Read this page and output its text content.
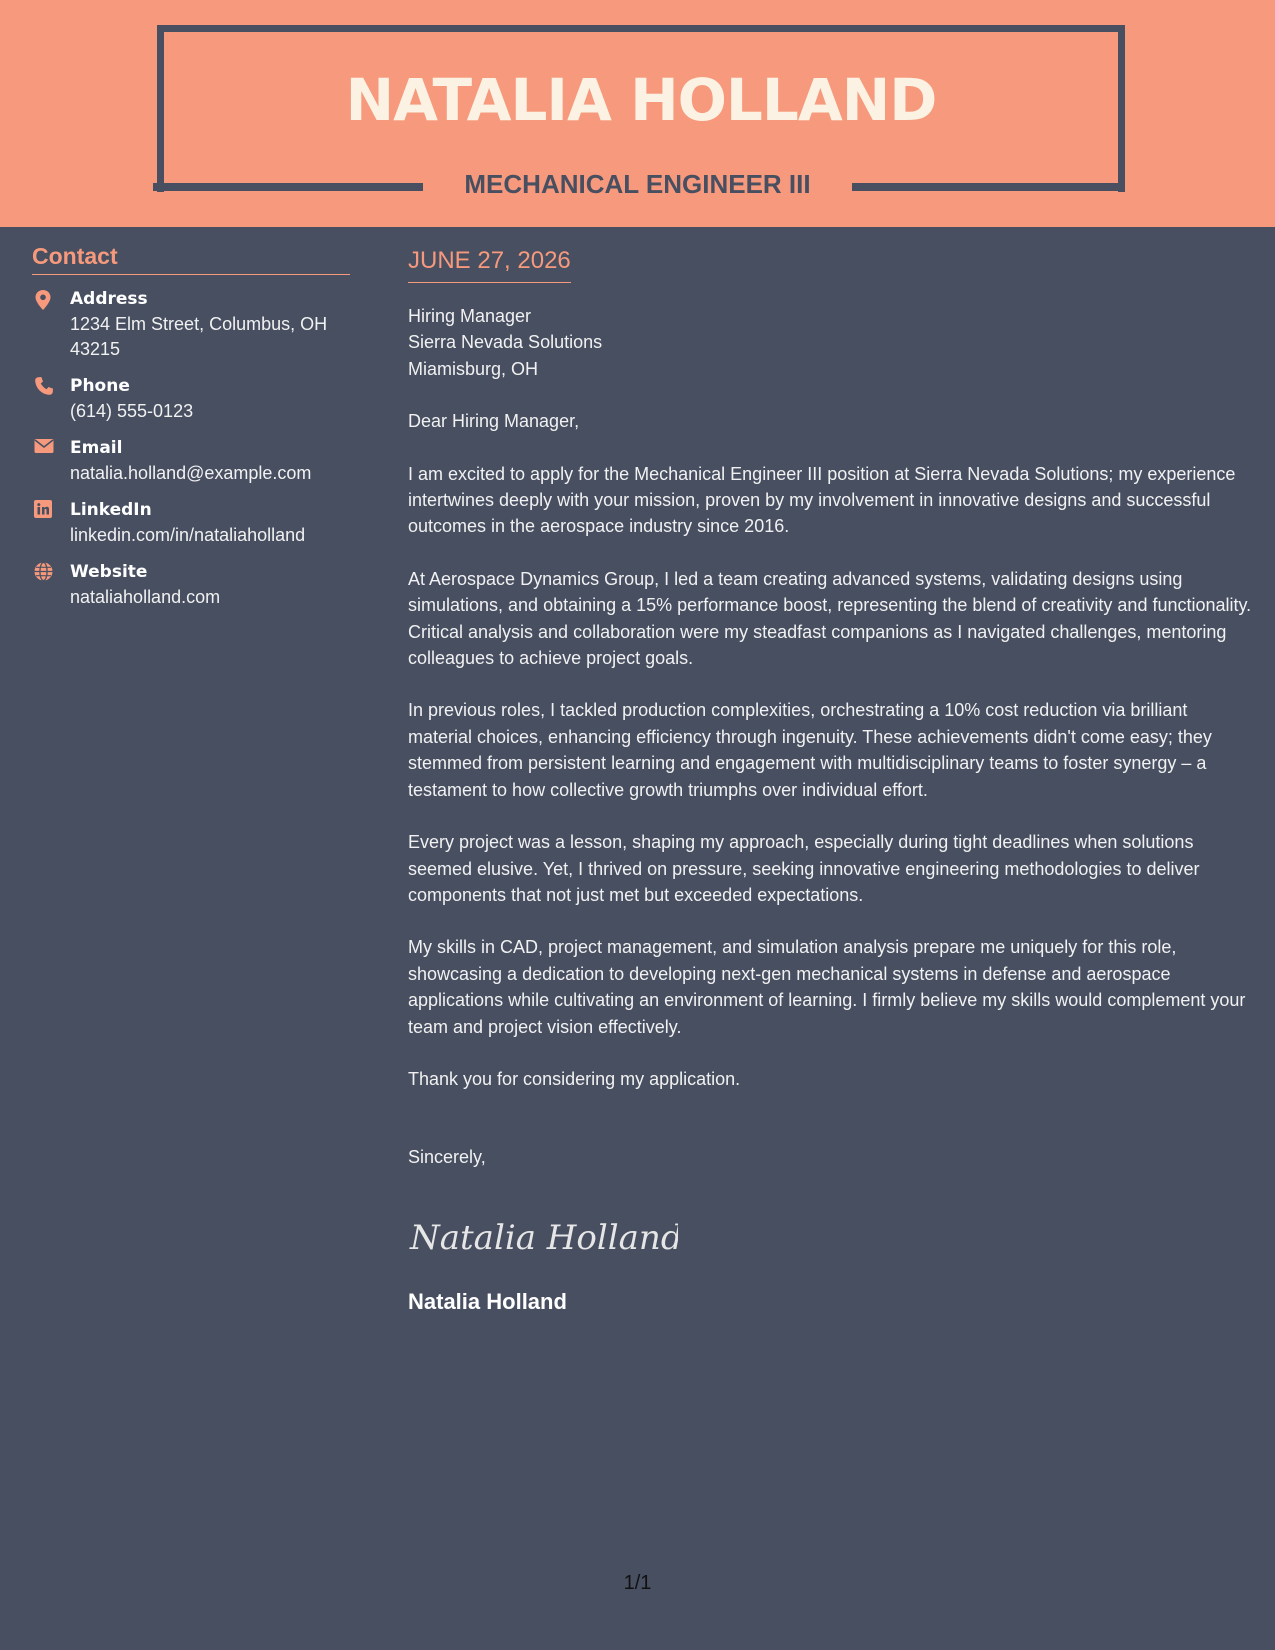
NATALIA HOLLAND
MECHANICAL ENGINEER III
Contact
Address
1234 Elm Street, Columbus, OH 43215
Phone
(614) 555-0123
Email
natalia.holland@example.com
LinkedIn
linkedin.com/in/nataliaholland
Website
nataliaholland.com
JUNE 27, 2026
Hiring Manager
Sierra Nevada Solutions
Miamisburg, OH

Dear Hiring Manager,

I am excited to apply for the Mechanical Engineer III position at Sierra Nevada Solutions; my experience intertwines deeply with your mission, proven by my involvement in innovative designs and successful outcomes in the aerospace industry since 2016.

At Aerospace Dynamics Group, I led a team creating advanced systems, validating designs using simulations, and obtaining a 15% performance boost, representing the blend of creativity and functionality. Critical analysis and collaboration were my steadfast companions as I navigated challenges, mentoring colleagues to achieve project goals.

In previous roles, I tackled production complexities, orchestrating a 10% cost reduction via brilliant material choices, enhancing efficiency through ingenuity. These achievements didn't come easy; they stemmed from persistent learning and engagement with multidisciplinary teams to foster synergy – a testament to how collective growth triumphs over individual effort.

Every project was a lesson, shaping my approach, especially during tight deadlines when solutions seemed elusive. Yet, I thrived on pressure, seeking innovative engineering methodologies to deliver components that not just met but exceeded expectations.

My skills in CAD, project management, and simulation analysis prepare me uniquely for this role, showcasing a dedication to developing next-gen mechanical systems in defense and aerospace applications while cultivating an environment of learning. I firmly believe my skills would complement your team and project vision effectively.

Thank you for considering my application.

Sincerely,
Natalia Holland
Natalia Holland
1/1
